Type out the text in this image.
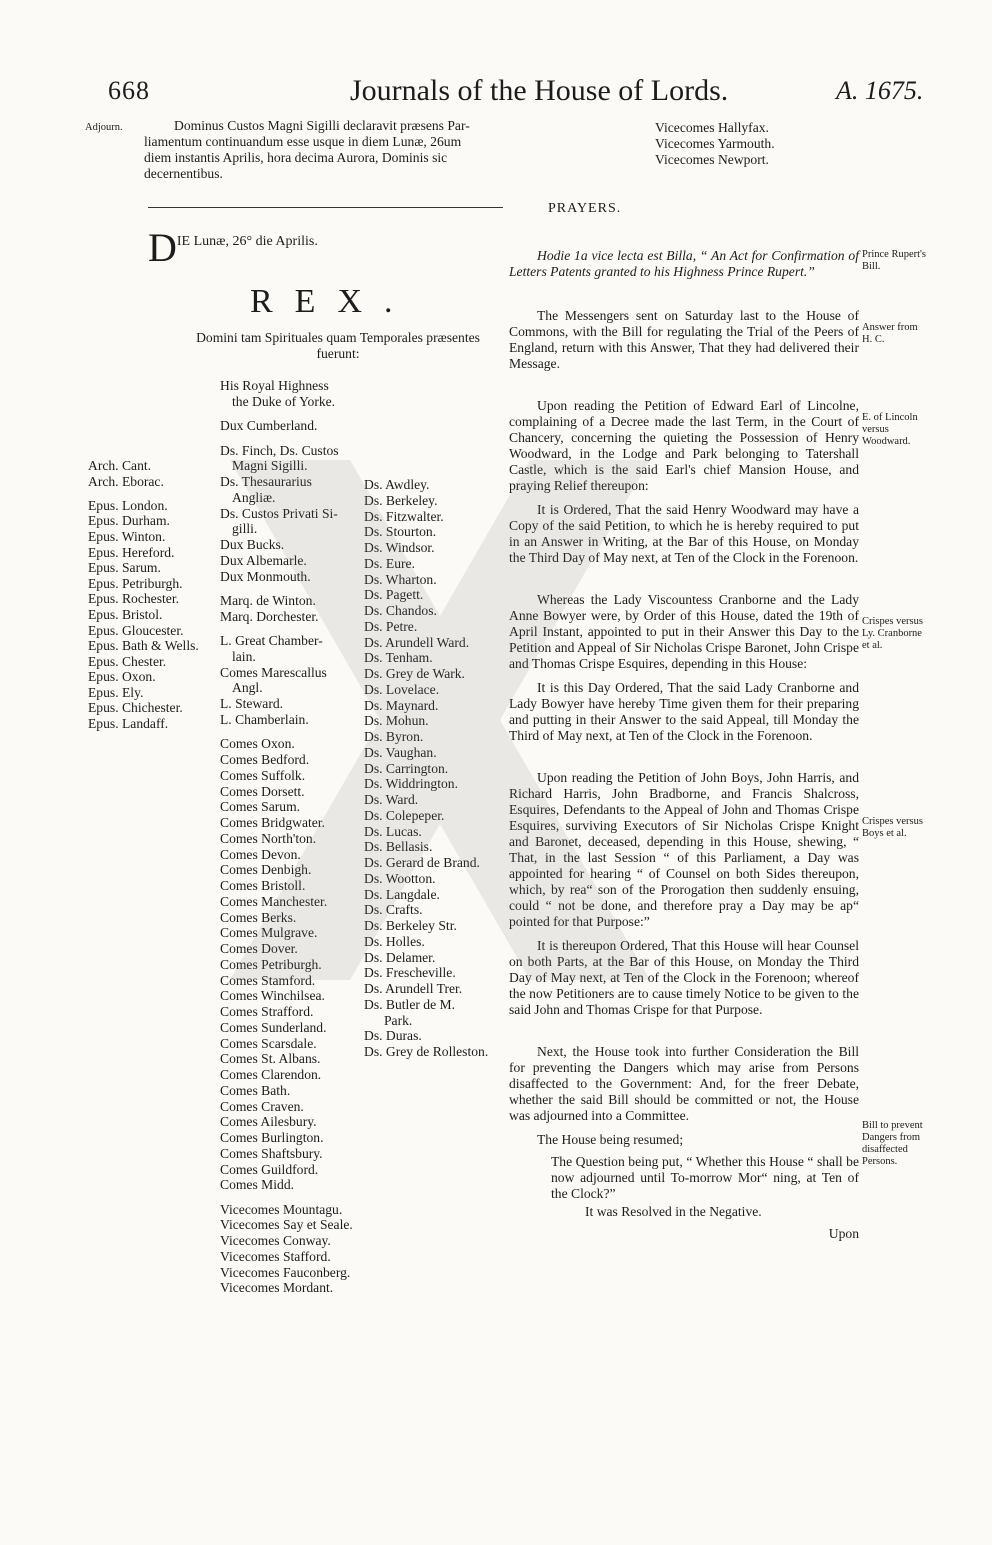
668	Journals of the House of Lords.	A. 1675.
Adjourn.
Prince Rupert's Bill.
Answer from H. C.
E. of Lincoln versus Woodward.
Crispes versus Ly. Cranborne et al.
Crispes versus Boys et al.
Bill to prevent Dangers from disaffected Persons.
Dominus Custos Magni Sigilli declaravit præsens Par-
liamentum continuandum esse usque in diem Lunæ, 26um
diem instantis Aprilis, hora decima Aurora, Dominis sic
decernentibus.
Vicecomes Hallyfax.
Vicecomes Yarmouth.
Vicecomes Newport.
PRAYERS.
DIE Lunæ, 26° die Aprilis.
REX.
Domini tam Spirituales quam Temporales præsentes
fuerunt:
Arch. Cant.
Arch. Eborac.
Epus. London.
Epus. Durham.
Epus. Winton.
Epus. Hereford.
Epus. Sarum.
Epus. Petriburgh.
Epus. Rochester.
Epus. Bristol.
Epus. Gloucester.
Epus. Bath & Wells.
Epus. Chester.
Epus. Oxon.
Epus. Ely.
Epus. Chichester.
Epus. Landaff.
His Royal Highness
the Duke of Yorke.
Dux Cumberland.
Ds. Finch, Ds. Custos
Magni Sigilli.
Ds. Thesaurarius
Angliæ.
Ds. Custos Privati Si-
gilli.
Dux Bucks.
Dux Albemarle.
Dux Monmouth.
Marq. de Winton.
Marq. Dorchester.
L. Great Chamber-
lain.
Comes Marescallus
Angl.
L. Steward.
L. Chamberlain.
Comes Oxon.
Comes Bedford.
Comes Suffolk.
Comes Dorsett.
Comes Sarum.
Comes Bridgwater.
Comes North'ton.
Comes Devon.
Comes Denbigh.
Comes Bristoll.
Comes Manchester.
Comes Berks.
Comes Mulgrave.
Comes Dover.
Comes Petriburgh.
Comes Stamford.
Comes Winchilsea.
Comes Strafford.
Comes Sunderland.
Comes Scarsdale.
Comes St. Albans.
Comes Clarendon.
Comes Bath.
Comes Craven.
Comes Ailesbury.
Comes Burlington.
Comes Shaftsbury.
Comes Guildford.
Comes Midd.
Vicecomes Mountagu.
Vicecomes Say et Seale.
Vicecomes Conway.
Vicecomes Stafford.
Vicecomes Fauconberg.
Vicecomes Mordant.
Ds. Awdley.
Ds. Berkeley.
Ds. Fitzwalter.
Ds. Stourton.
Ds. Windsor.
Ds. Eure.
Ds. Wharton.
Ds. Pagett.
Ds. Chandos.
Ds. Petre.
Ds. Arundell Ward.
Ds. Tenham.
Ds. Grey de Wark.
Ds. Lovelace.
Ds. Maynard.
Ds. Mohun.
Ds. Byron.
Ds. Vaughan.
Ds. Carrington.
Ds. Widdrington.
Ds. Ward.
Ds. Colepeper.
Ds. Lucas.
Ds. Bellasis.
Ds. Gerard de Brand.
Ds. Wootton.
Ds. Langdale.
Ds. Crafts.
Ds. Berkeley Str.
Ds. Holles.
Ds. Delamer.
Ds. Frescheville.
Ds. Arundell Trer.
Ds. Butler de M.
Park.
Ds. Duras.
Ds. Grey de Rolleston.

Hodie 1a vice lecta est Billa, “ An Act for Confirmation of Letters Patents granted to his Highness Prince Rupert.”

The Messengers sent on Saturday last to the House of Commons, with the Bill for regulating the Trial of the Peers of England, return with this Answer, That they had delivered their Message.

Upon reading the Petition of Edward Earl of Lincolne, complaining of a Decree made the last Term, in the Court of Chancery, concerning the quieting the Possession of Henry Woodward, in the Lodge and Park belonging to Tatershall Castle, which is the said Earl's chief Mansion House, and praying Relief thereupon:

It is Ordered, That the said Henry Woodward may have a Copy of the said Petition, to which he is hereby required to put in an Answer in Writing, at the Bar of this House, on Monday the Third Day of May next, at Ten of the Clock in the Forenoon.

Whereas the Lady Viscountess Cranborne and the Lady Anne Bowyer were, by Order of this House, dated the 19th of April Instant, appointed to put in their Answer this Day to the Petition and Appeal of Sir Nicholas Crispe Baronet, John Crispe and Thomas Crispe Esquires, depending in this House:

It is this Day Ordered, That the said Lady Cranborne and Lady Bowyer have hereby Time given them for their preparing and putting in their Answer to the said Appeal, till Monday the Third of May next, at Ten of the Clock in the Forenoon.

Upon reading the Petition of John Boys, John Harris, and Richard Harris, John Bradborne, and Francis Shalcross, Esquires, Defendants to the Appeal of John and Thomas Crispe Esquires, surviving Executors of Sir Nicholas Crispe Knight and Baronet, deceased, depending in this House, shewing, “ That, in the last Session “ of this Parliament, a Day was appointed for hearing “ of Counsel on both Sides thereupon, which, by rea“ son of the Prorogation then suddenly ensuing, could “ not be done, and therefore pray a Day may be ap“ pointed for that Purpose:”

It is thereupon Ordered, That this House will hear Counsel on both Parts, at the Bar of this House, on Monday the Third Day of May next, at Ten of the Clock in the Forenoon; whereof the now Petitioners are to cause timely Notice to be given to the said John and Thomas Crispe for that Purpose.

Next, the House took into further Consideration the Bill for preventing the Dangers which may arise from Persons disaffected to the Government: And, for the freer Debate, whether the said Bill should be committed or not, the House was adjourned into a Committee.

The House being resumed;

The Question being put, “ Whether this House “ shall be now adjourned until To-morrow Mor“ ning, at Ten of the Clock?”

It was Resolved in the Negative.

Upon
